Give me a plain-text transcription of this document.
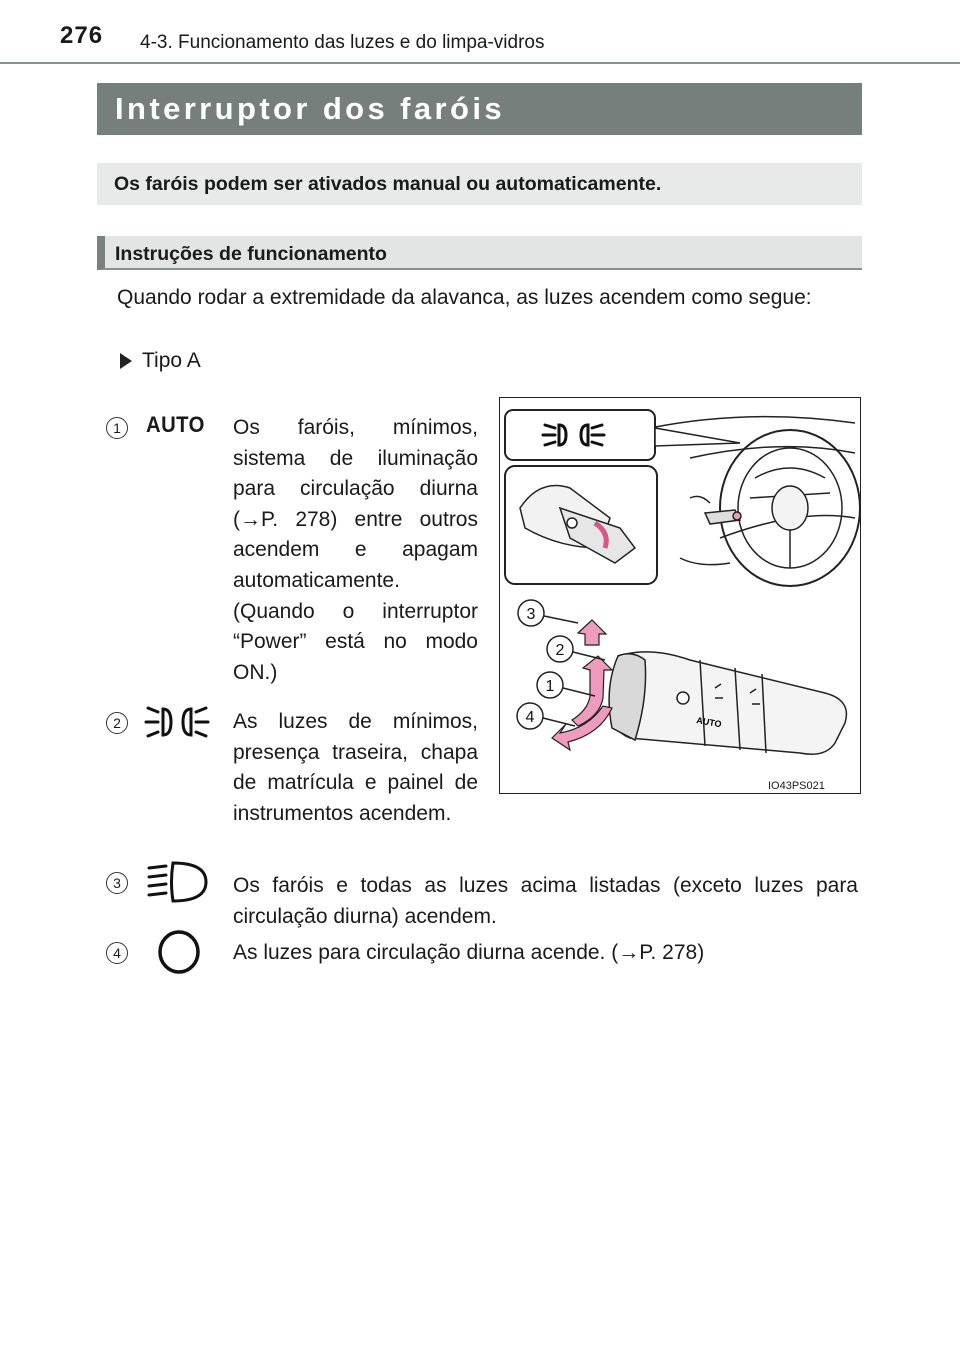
276 4-3. Funcionamento das luzes e do limpa-vidros
Interruptor dos faróis
Os faróis podem ser ativados manual ou automaticamente.
Instruções de funcionamento
Quando rodar a extremidade da alavanca, as luzes acendem como segue:
Tipo A
1	AUTO Os faróis, mínimos, sistema de iluminação para circulação diurna (→P. 278) entre outros acendem e apagam automaticamente.
(Quando o interruptor “Power” está no modo ON.)
2	As luzes de mínimos, presença traseira, chapa de matrícula e painel de instrumentos acendem.
3	Os faróis e todas as luzes acima listadas (exceto luzes para circulação diurna) acendem.
4	As luzes para circulação diurna acende. (→P. 278)
AUTO
3
2
1
4
IO43PS021
